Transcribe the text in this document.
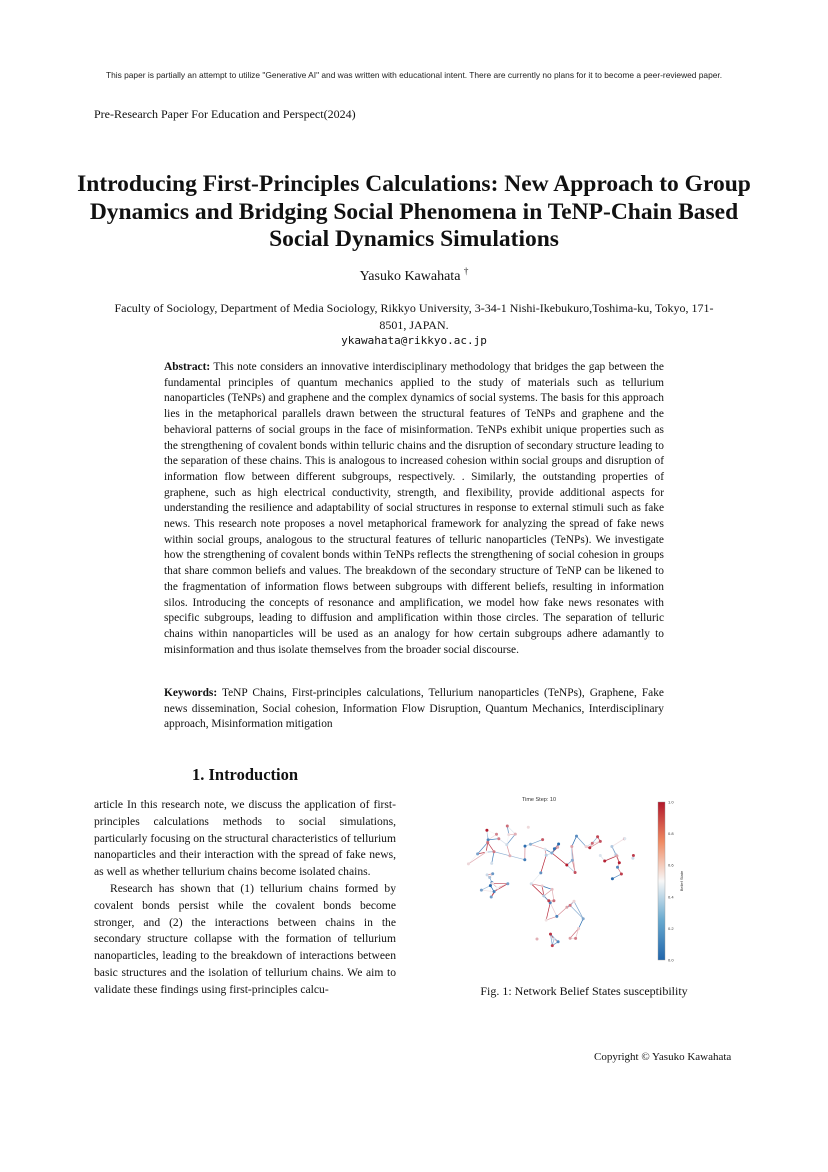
This paper is partially an attempt to utilize "Generative AI" and was written with educational intent. There are currently no plans for it to become a peer-reviewed paper.
Pre-Research Paper For Education and Perspect(2024)
Introducing First-Principles Calculations: New Approach to Group Dynamics and Bridging Social Phenomena in TeNP-Chain Based Social Dynamics Simulations
Yasuko Kawahata †
Faculty of Sociology, Department of Media Sociology, Rikkyo University, 3-34-1 Nishi-Ikebukuro,Toshima-ku, Tokyo, 171-8501, JAPAN.
ykawahata@rikkyo.ac.jp

Abstract: This note considers an innovative interdisciplinary methodology that bridges the gap between the fundamental principles of quantum mechanics applied to the study of materials such as tellurium nanoparticles (TeNPs) and graphene and the complex dynamics of social systems. The basis for this approach lies in the metaphorical parallels drawn between the structural features of TeNPs and graphene and the behavioral patterns of social groups in the face of misinformation. TeNPs exhibit unique properties such as the strengthening of covalent bonds within telluric chains and the disruption of secondary structure leading to the separation of these chains. This is analogous to increased cohesion within social groups and disruption of information flow between different subgroups, respectively. . Similarly, the outstanding properties of graphene, such as high electrical conductivity, strength, and flexibility, provide additional aspects for understanding the resilience and adaptability of social structures in response to external stimuli such as fake news. This research note proposes a novel metaphorical framework for analyzing the spread of fake news within social groups, analogous to the structural features of telluric nanoparticles (TeNPs). We investigate how the strengthening of covalent bonds within TeNPs reflects the strengthening of social cohesion in groups that share common beliefs and values. The breakdown of the secondary structure of TeNP can be likened to the fragmentation of information flows between subgroups with different beliefs, resulting in information silos. Introducing the concepts of resonance and amplification, we model how fake news resonates with specific subgroups, leading to diffusion and amplification within those circles. The separation of telluric chains within nanoparticles will be used as an analogy for how certain subgroups adhere adamantly to misinformation and thus isolate themselves from the broader social discourse.

Keywords: TeNP Chains, First-principles calculations, Tellurium nanoparticles (TeNPs), Graphene, Fake news dissemination, Social cohesion, Information Flow Disruption, Quantum Mechanics, Interdisciplinary approach, Misinformation mitigation

1. Introduction

article In this research note, we discuss the application of first-principles calculations methods to social simulations, particularly focusing on the structural characteristics of tellurium nanoparticles and their interaction with the spread of fake news, as well as whether tellurium chains become isolated chains.

Research has shown that (1) tellurium chains formed by covalent bonds persist while the covalent bonds become stronger, and (2) the interactions between chains in the secondary structure collapse with the formation of tellurium nanoparticles, leading to the breakdown of interactions between basic structures and the isolation of tellurium chains. We aim to validate these findings using first-principles calcu-

Time Step: 10	1.0
0.8
0.6
0.4
0.2
0.0
Belief State
Fig. 1: Network Belief States susceptibility
Copyright © Yasuko Kawahata
